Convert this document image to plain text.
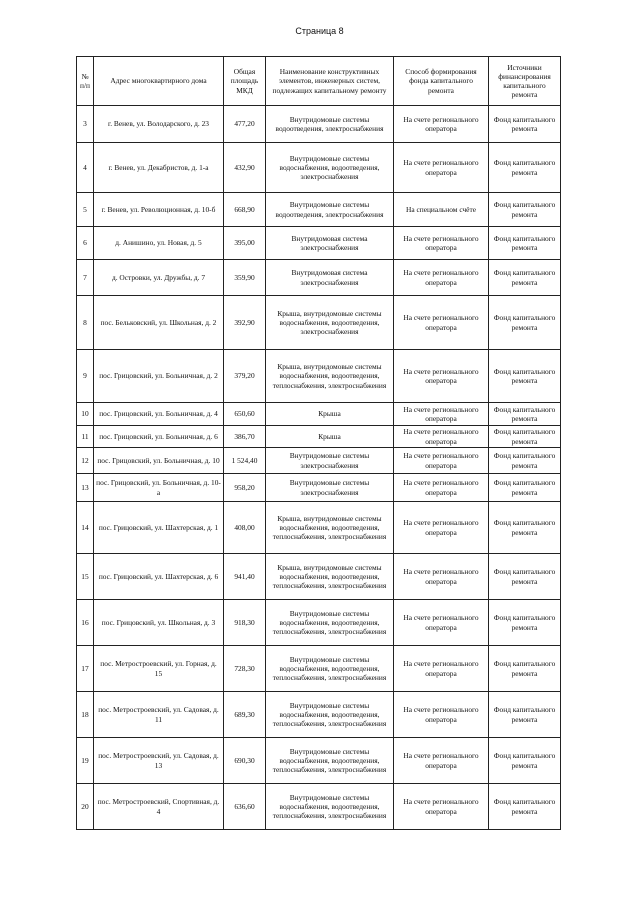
Страница 8
№ п/п	Адрес многоквартирного дома	Общая площадь МКД	Наименование конструктивных элементов, инженерных систем, подлежащих капитальному ремонту	Способ формирования фонда капитального ремонта	Источники финансирования капитального ремонта
3	г. Венев, ул. Володарского, д. 23	477,20	Внутридомовые системы водоотведения, электроснабжения	На счете регионального оператора	Фонд капитального ремонта
4	г. Венев, ул. Декабристов, д. 1-а	432,90	Внутридомовые системы водоснабжения, водоотведения, электроснабжения	На счете регионального оператора	Фонд капитального ремонта
5	г. Венев, ул. Революционная, д. 10-б	668,90	Внутридомовые системы водоотведения, электроснабжения	На специальном счёте	Фонд капитального ремонта
6	д. Анишино, ул. Новая, д. 5	395,00	Внутридомовая система электроснабжения	На счете регионального оператора	Фонд капитального ремонта
7	д. Островки, ул. Дружбы, д. 7	359,90	Внутридомовая система электроснабжения	На счете регионального оператора	Фонд капитального ремонта
8	пос. Бельковский, ул. Школьная, д. 2	392,90	Крыша, внутридомовые системы водоснабжения, водоотведения, электроснабжения	На счете регионального оператора	Фонд капитального ремонта
9	пос. Грицовский, ул. Больничная, д. 2	379,20	Крыша, внутридомовые системы водоснабжения, водоотведения, теплоснабжения, электроснабжения	На счете регионального оператора	Фонд капитального ремонта
10	пос. Грицовский, ул. Больничная, д. 4	650,60	Крыша	На счете регионального оператора	Фонд капитального ремонта
11	пос. Грицовский, ул. Больничная, д. 6	386,70	Крыша	На счете регионального оператора	Фонд капитального ремонта
12	пос. Грицовский, ул. Больничная, д. 10	1 524,40	Внутридомовые системы электроснабжения	На счете регионального оператора	Фонд капитального ремонта
13	пос. Грицовский, ул. Больничная, д. 10-а	958,20	Внутридомовые системы электроснабжения	На счете регионального оператора	Фонд капитального ремонта
14	пос. Грицовский, ул. Шахтерская, д. 1	408,00	Крыша, внутридомовые системы водоснабжения, водоотведения, теплоснабжения, электроснабжения	На счете регионального оператора	Фонд капитального ремонта
15	пос. Грицовский, ул. Шахтерская, д. 6	941,40	Крыша, внутридомовые системы водоснабжения, водоотведения, теплоснабжения, электроснабжения	На счете регионального оператора	Фонд капитального ремонта
16	пос. Грицовский, ул. Школьная, д. 3	918,30	Внутридомовые системы водоснабжения, водоотведения, теплоснабжения, электроснабжения	На счете регионального оператора	Фонд капитального ремонта
17	пос. Метростроевский, ул. Горная, д. 15	728,30	Внутридомовые системы водоснабжения, водоотведения, теплоснабжения, электроснабжения	На счете регионального оператора	Фонд капитального ремонта
18	пос. Метростроевский, ул. Садовая, д. 11	689,30	Внутридомовые системы водоснабжения, водоотведения, теплоснабжения, электроснабжения	На счете регионального оператора	Фонд капитального ремонта
19	пос. Метростроевский, ул. Садовая, д. 13	690,30	Внутридомовые системы водоснабжения, водоотведения, теплоснабжения, электроснабжения	На счете регионального оператора	Фонд капитального ремонта
20	пос. Метростроевский, Спортивная, д. 4	636,60	Внутридомовые системы водоснабжения, водоотведения, теплоснабжения, электроснабжения	На счете регионального оператора	Фонд капитального ремонта
